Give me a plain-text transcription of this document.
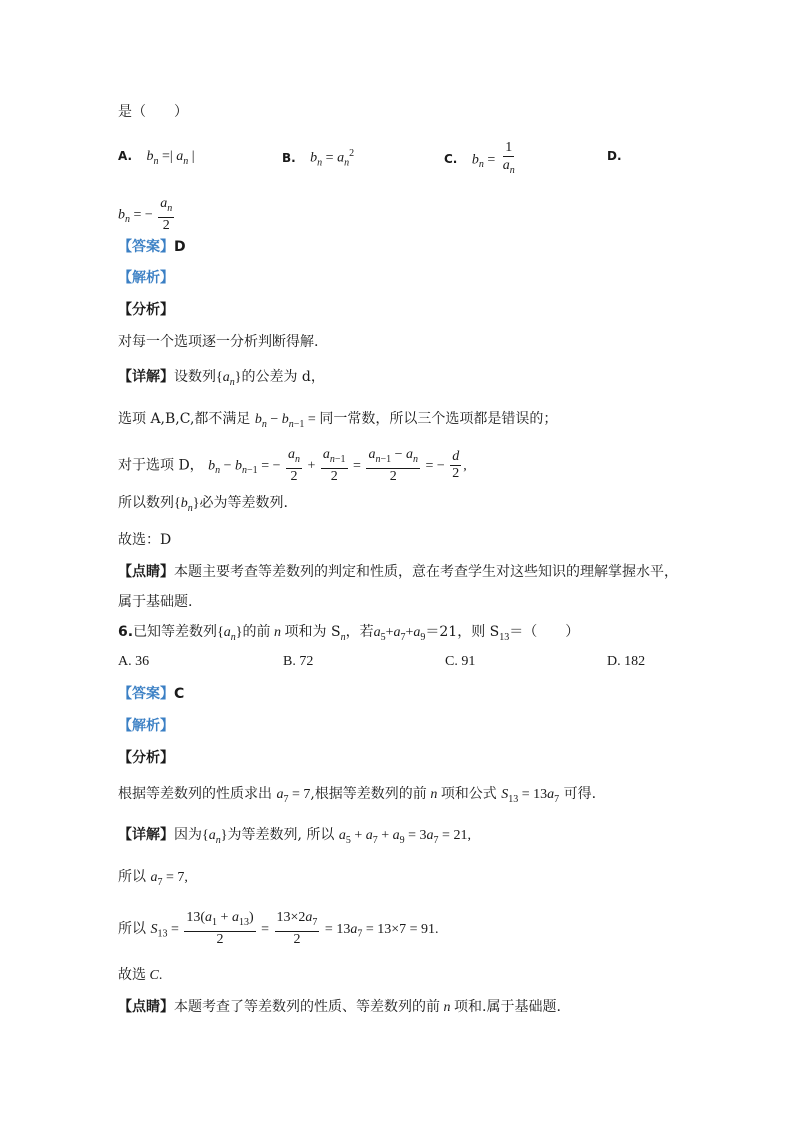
是（　　）
A. $b_n$ =| $a_n$ |	B. $b_n = a_n^2$	C. $b_n = \frac{1}{a_n}$	D.
$b_n$ = − $\frac{a_n}{2}$
【答案】D
【解析】
【分析】
对每一个选项逐一分析判断得解.
【详解】设数列$\{a_n\}$的公差为 d，
选项 A,B,C,都不满足 $b_n - b_{n-1}$ = 同一常数，所以三个选项都是错误的；
对于选项 D， $b_n - b_{n-1}$ = − $\frac{a_n}{2} + \frac{a_{n-1}}{2} = \frac{a_{n-1} - a_n}{2}$ = − $\frac{d}{2}$ ,
所以数列$\{b_n\}$必为等差数列.
故选：D
【点睛】本题主要考查等差数列的判定和性质，意在考查学生对这些知识的理解掌握水平，
属于基础题.
6.已知等差数列$\{a_n\}$的前 n 项和为 $S_n$，若$a_5+a_7+a_9=21$，则 $S_{13}=$（　　）
A. 36	B. 72	C. 91	D. 182
【答案】C
【解析】
【分析】
根据等差数列的性质求出 $a_7 = 7$,根据等差数列的前 n 项和公式 $S_{13} = 13a_7$ 可得.
【详解】因为$\{a_n\}$为等差数列, 所以 $a_5 + a_7 + a_9 = 3a_7 = 21$,
所以 $a_7 = 7$,
所以 $S_{13} = \frac{13(a_1 + a_{13})}{2} = \frac{13\times 2a_7}{2} = 13a_7 = 13\times 7 = 91$.
故选 C.
【点睛】本题考查了等差数列的性质、等差数列的前 n 项和.属于基础题.
